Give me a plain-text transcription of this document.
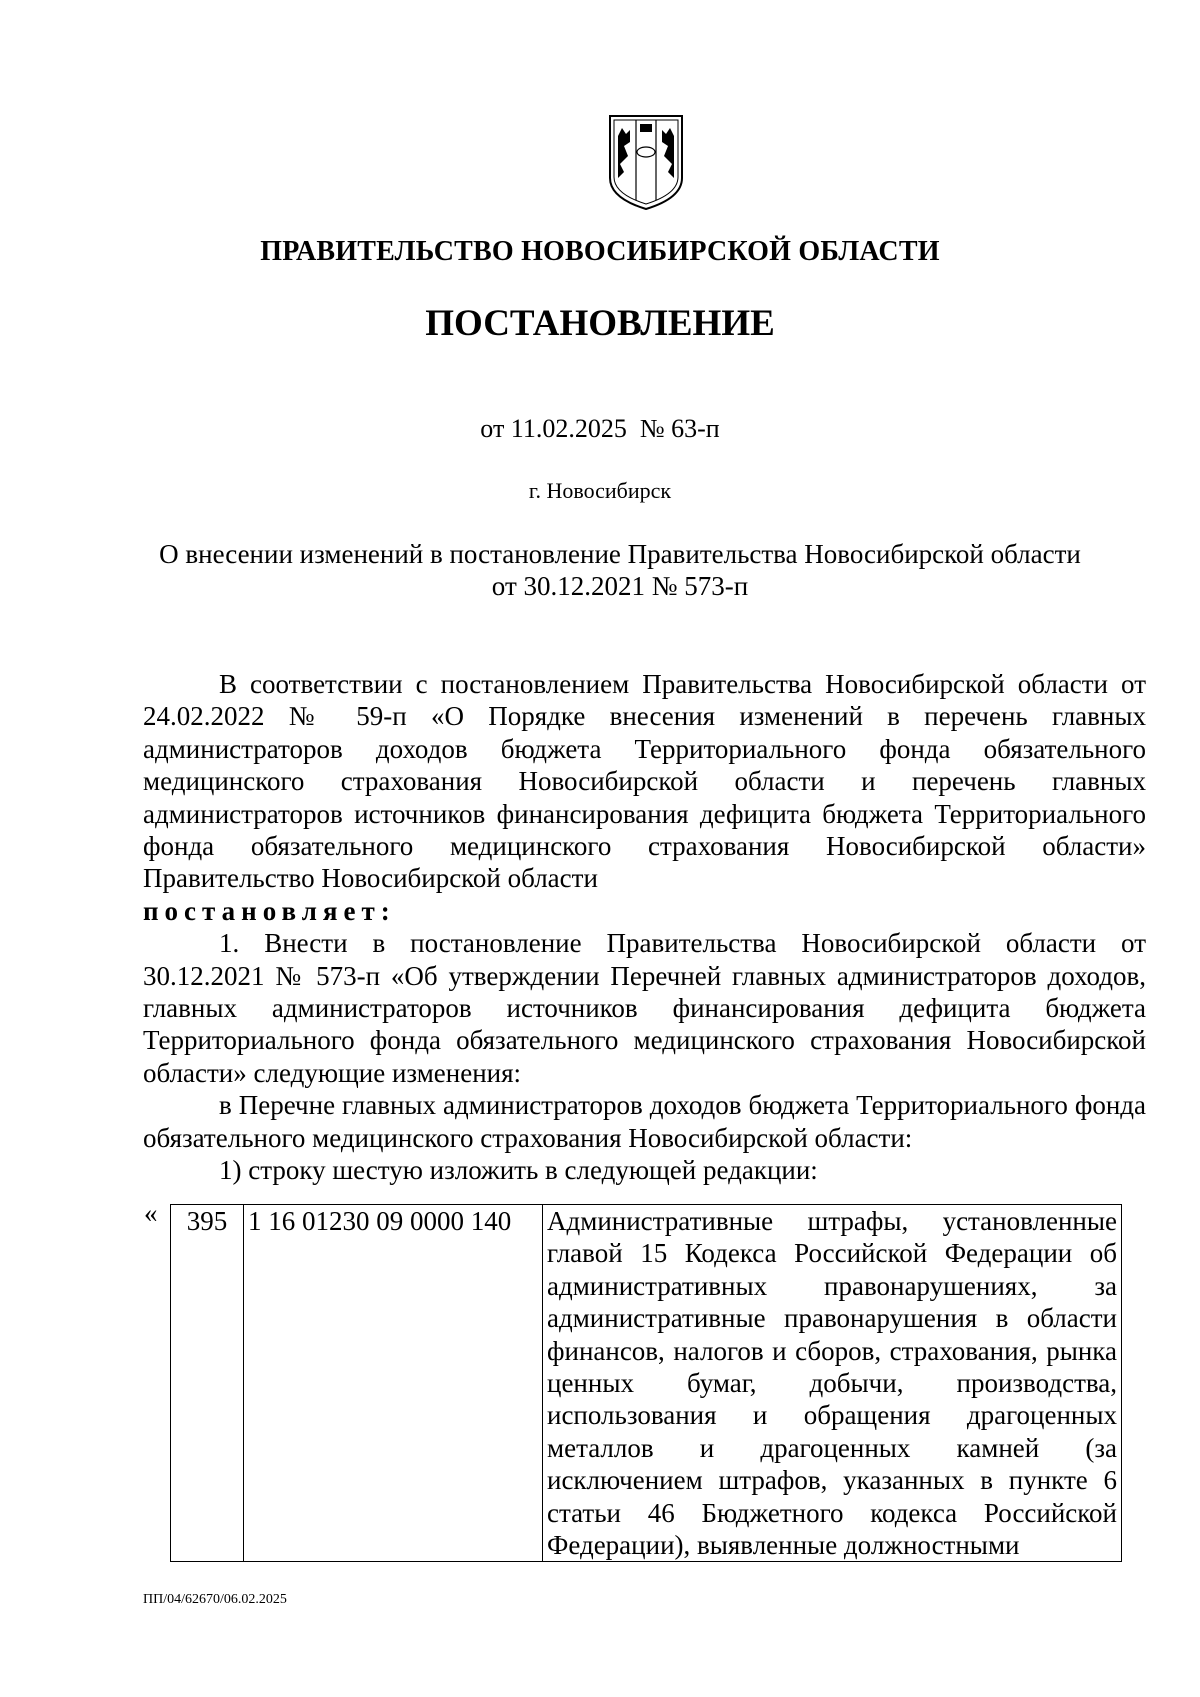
ПРАВИТЕЛЬСТВО НОВОСИБИРСКОЙ ОБЛАСТИ
ПОСТАНОВЛЕНИЕ
от 11.02.2025  № 63-п
г. Новосибирск
О внесении изменений в постановление Правительства Новосибирской области
от 30.12.2021 № 573-п

В соответствии с постановлением Правительства Новосибирской области от 24.02.2022 № 59-п «О Порядке внесения изменений в перечень главных администраторов доходов бюджета Территориального фонда обязательного медицинского страхования Новосибирской области и перечень главных администраторов источников финансирования дефицита бюджета Территориального фонда обязательного медицинского страхования Новосибирской области» Правительство Новосибирской области

постановляет:

1. Внести в постановление Правительства Новосибирской области от 30.12.2021 № 573-п «Об утверждении Перечней главных администраторов доходов, главных администраторов источников финансирования дефицита бюджета Территориального фонда обязательного медицинского страхования Новосибирской области» следующие изменения:

в Перечне главных администраторов доходов бюджета Территориального фонда обязательного медицинского страхования Новосибирской области:

1) строку шестую изложить в следующей редакции:

« 395	1 16 01230 09 0000 140	Административные штрафы, установленные главой 15 Кодекса Российской Федерации об административных правонарушениях, за административные правонарушения в области финансов, налогов и сборов, страхования, рынка ценных бумаг, добычи, производства, использования и обращения драгоценных металлов и драгоценных камней (за исключением штрафов, указанных в пункте 6 статьи 46 Бюджетного кодекса Российской Федерации), выявленные должностными
ПП/04/62670/06.02.2025
